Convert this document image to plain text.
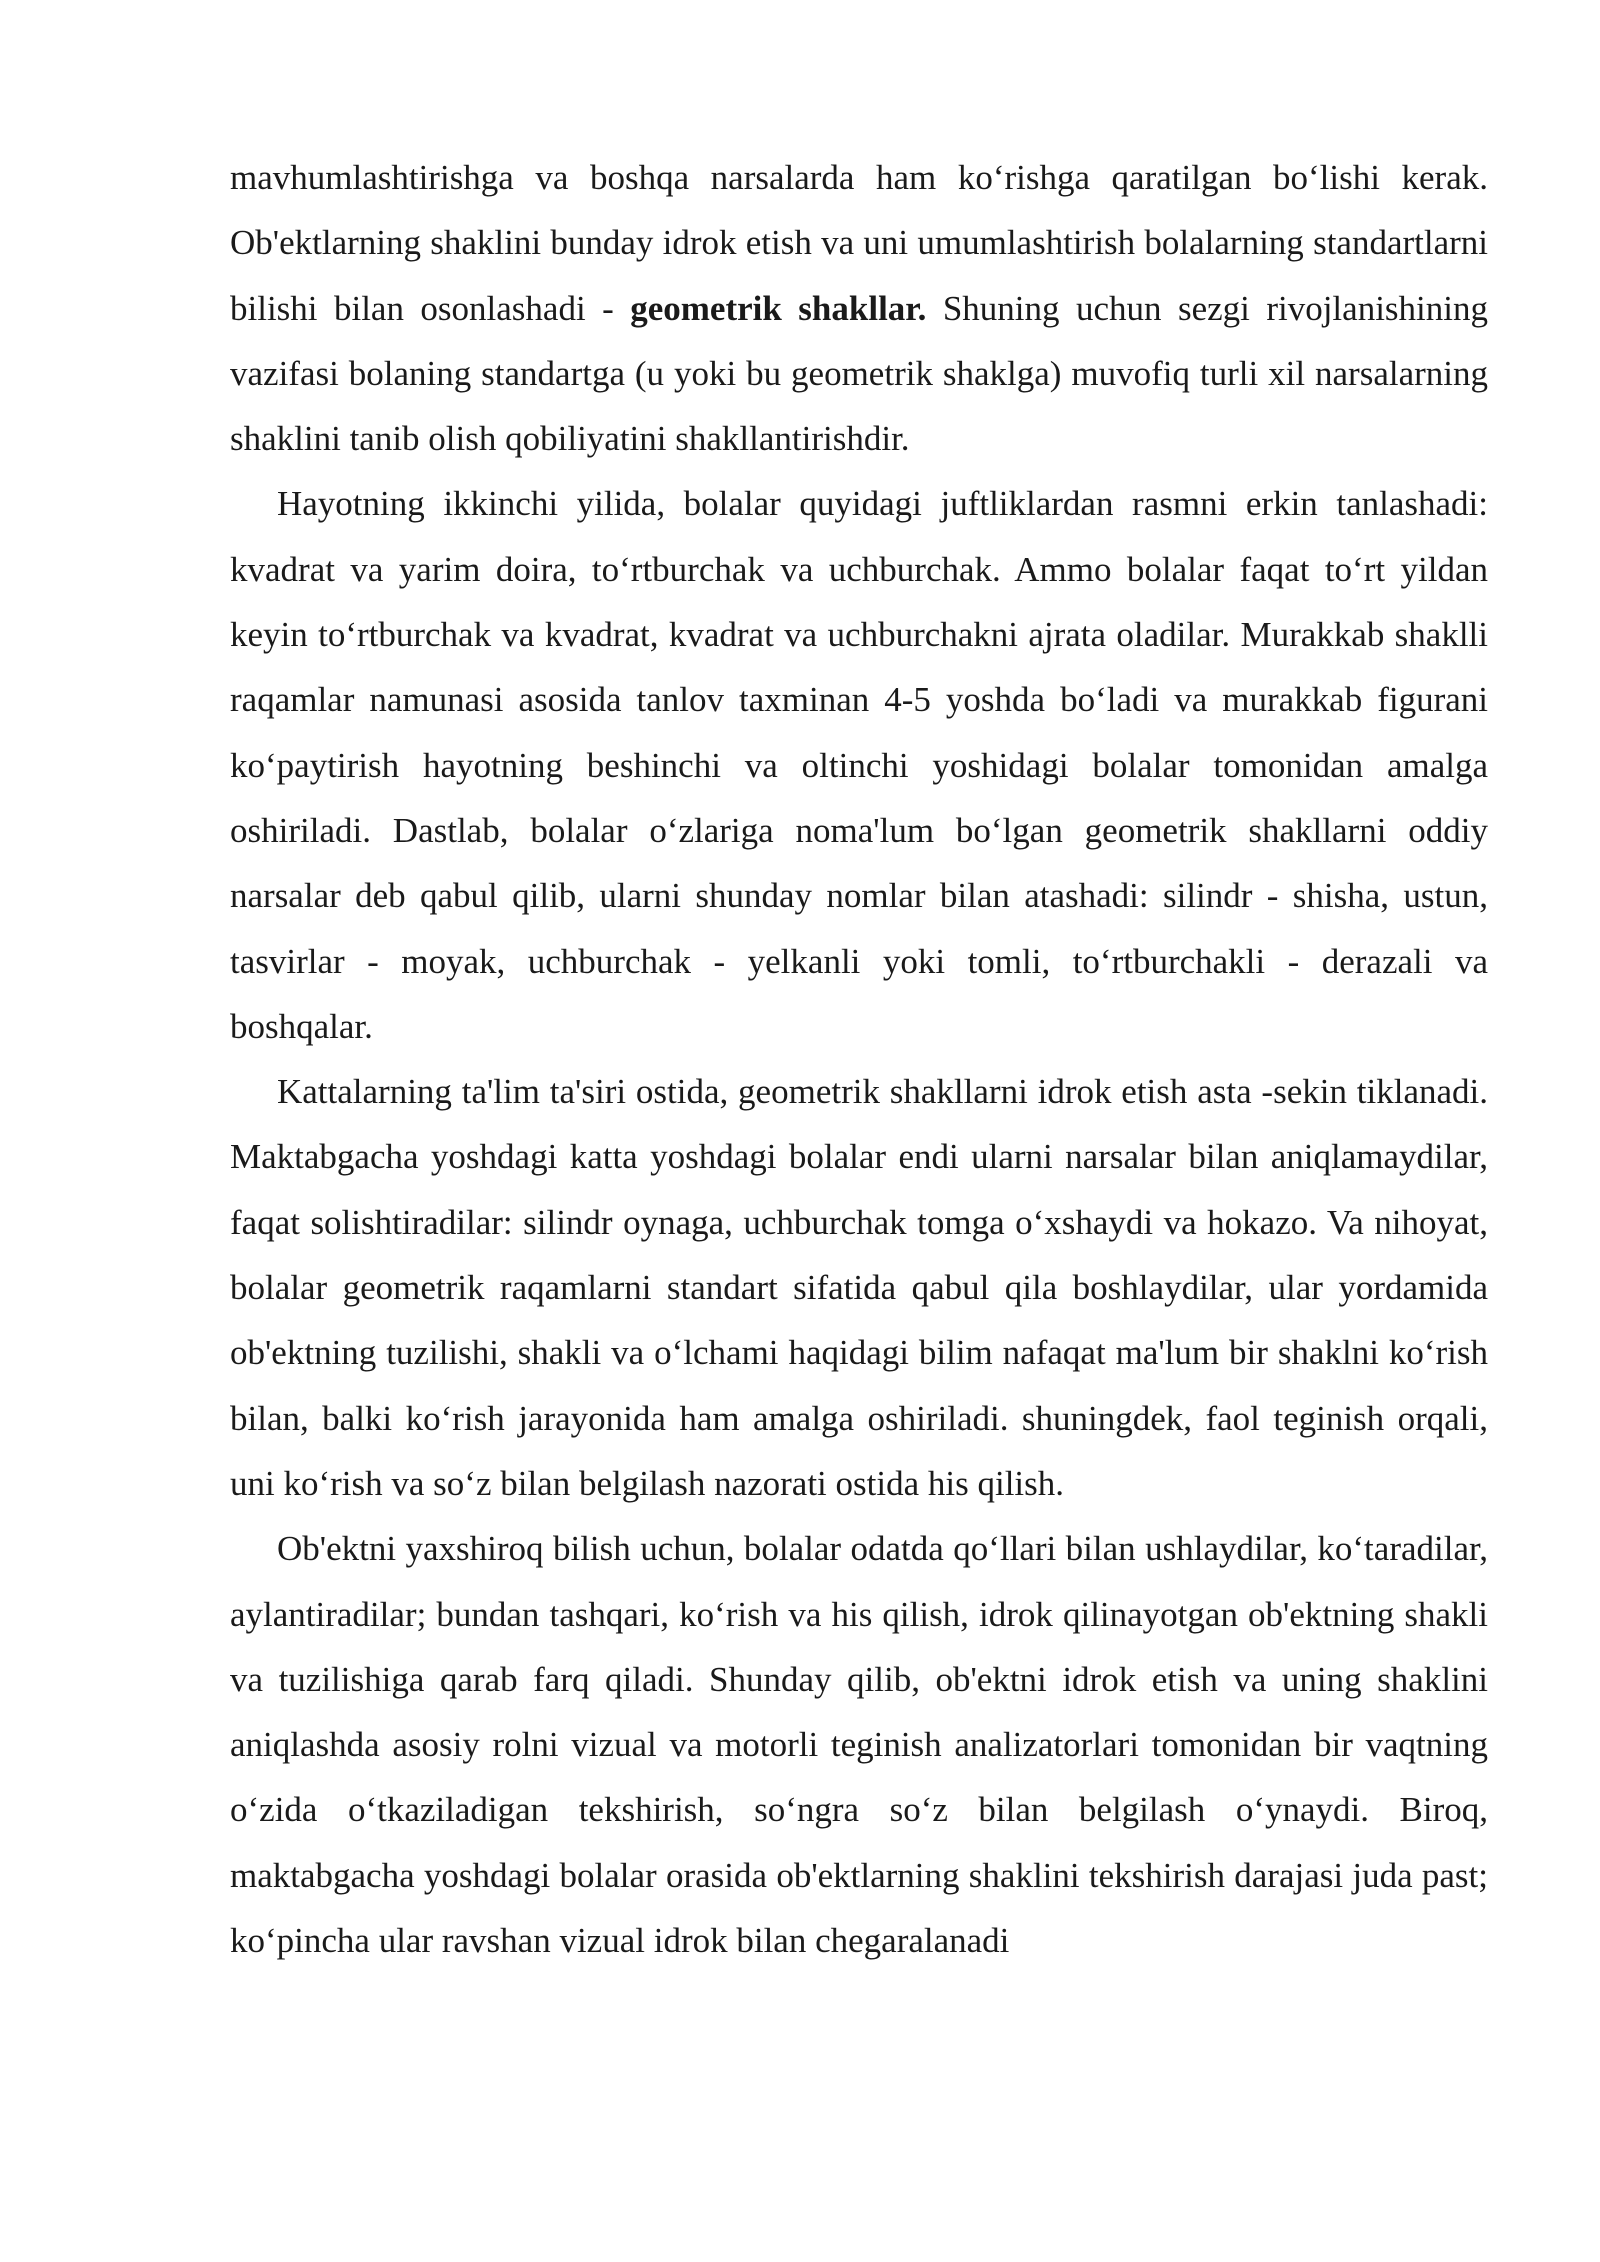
mavhumlashtirishga va boshqa narsalarda ham ko‘rishga qaratilgan bo‘lishi kerak. Ob'ektlarning shaklini bunday idrok etish va uni umumlashtirish bolalarning standartlarni bilishi bilan osonlashadi - geometrik shakllar. Shuning uchun sezgi rivojlanishining vazifasi bolaning standartga (u yoki bu geometrik shaklga) muvofiq turli xil narsalarning shaklini tanib olish qobiliyatini shakllantirishdir.

Hayotning ikkinchi yilida, bolalar quyidagi juftliklardan rasmni erkin tanlashadi: kvadrat va yarim doira, to‘rtburchak va uchburchak. Ammo bolalar faqat to‘rt yildan keyin to‘rtburchak va kvadrat, kvadrat va uchburchakni ajrata oladilar. Murakkab shaklli raqamlar namunasi asosida tanlov taxminan 4-5 yoshda bo‘ladi va murakkab figurani ko‘paytirish hayotning beshinchi va oltinchi yoshidagi bolalar tomonidan amalga oshiriladi. Dastlab, bolalar o‘zlariga noma'lum bo‘lgan geometrik shakllarni oddiy narsalar deb qabul qilib, ularni shunday nomlar bilan atashadi: silindr - shisha, ustun, tasvirlar - moyak, uchburchak - yelkanli yoki tomli, to‘rtburchakli - derazali va boshqalar.

Kattalarning ta'lim ta'siri ostida, geometrik shakllarni idrok etish asta -sekin tiklanadi. Maktabgacha yoshdagi katta yoshdagi bolalar endi ularni narsalar bilan aniqlamaydilar, faqat solishtiradilar: silindr oynaga, uchburchak tomga o‘xshaydi va hokazo. Va nihoyat, bolalar geometrik raqamlarni standart sifatida qabul qila boshlaydilar, ular yordamida ob'ektning tuzilishi, shakli va o‘lchami haqidagi bilim nafaqat ma'lum bir shaklni ko‘rish bilan, balki ko‘rish jarayonida ham amalga oshiriladi. shuningdek, faol teginish orqali, uni ko‘rish va so‘z bilan belgilash nazorati ostida his qilish.

Ob'ektni yaxshiroq bilish uchun, bolalar odatda qo‘llari bilan ushlaydilar, ko‘taradilar, aylantiradilar; bundan tashqari, ko‘rish va his qilish, idrok qilinayotgan ob'ektning shakli va tuzilishiga qarab farq qiladi. Shunday qilib, ob'ektni idrok etish va uning shaklini aniqlashda asosiy rolni vizual va motorli teginish analizatorlari tomonidan bir vaqtning o‘zida o‘tkaziladigan tekshirish, so‘ngra so‘z bilan belgilash o‘ynaydi. Biroq, maktabgacha yoshdagi bolalar orasida ob'ektlarning shaklini tekshirish darajasi juda past; ko‘pincha ular ravshan vizual idrok bilan chegaralanadi
